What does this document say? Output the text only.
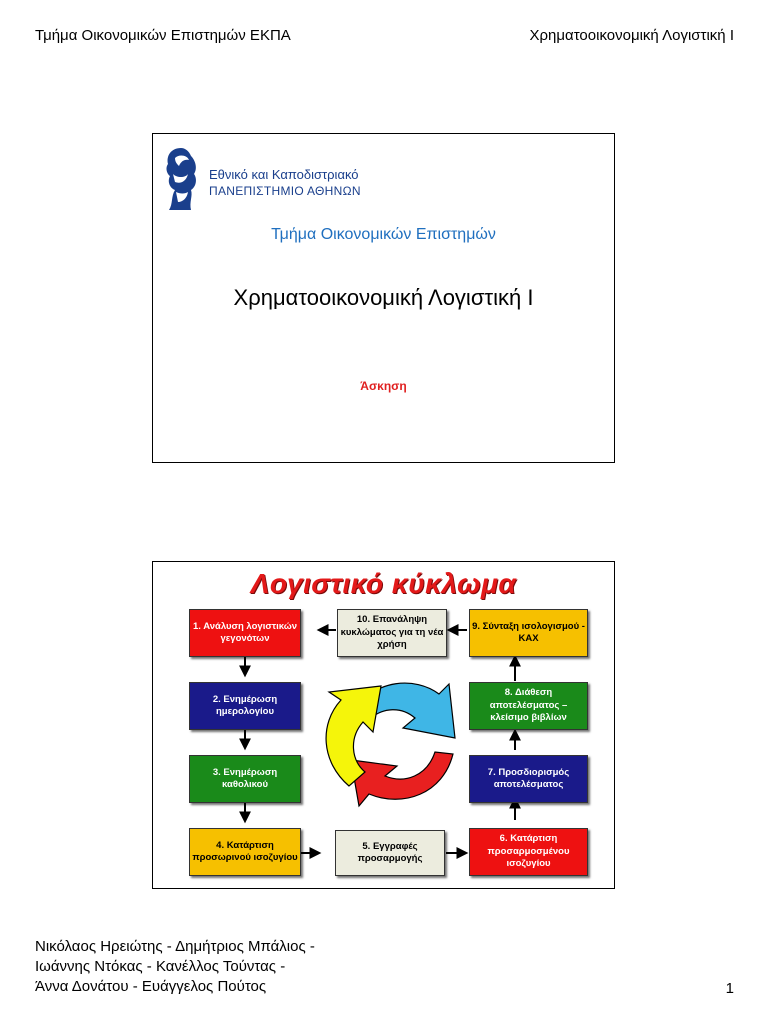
Τμήμα Οικονομικών Επιστημών ΕΚΠΑ	Χρηματοοικονομική Λογιστική Ι
Εθνικό και Καποδιστριακό
ΠΑΝΕΠΙΣΤΗΜΙΟ ΑΘΗΝΩΝ
Τμήμα Οικονομικών Επιστημών
Χρηματοοικονομική Λογιστική Ι
Άσκηση
Λογιστικό κύκλωμα
1. Ανάλυση λογιστικών γεγονότων
2. Ενημέρωση ημερολογίου
3. Ενημέρωση καθολικού
4. Κατάρτιση προσωρινού ισοζυγίου
5. Εγγραφές προσαρμογής
6. Κατάρτιση προσαρμοσμένου ισοζυγίου
7. Προσδιορισμός αποτελέσματος
8. Διάθεση αποτελέσματος – κλείσιμο βιβλίων
9. Σύνταξη ισολογισμού - ΚΑΧ
10. Επανάληψη κυκλώματος για τη νέα χρήση
Νικόλαος Ηρειώτης - Δημήτριος Μπάλιος -
Ιωάννης Ντόκας - Κανέλλος Τούντας -
Άννα Δονάτου - Ευάγγελος Πούτος	1
